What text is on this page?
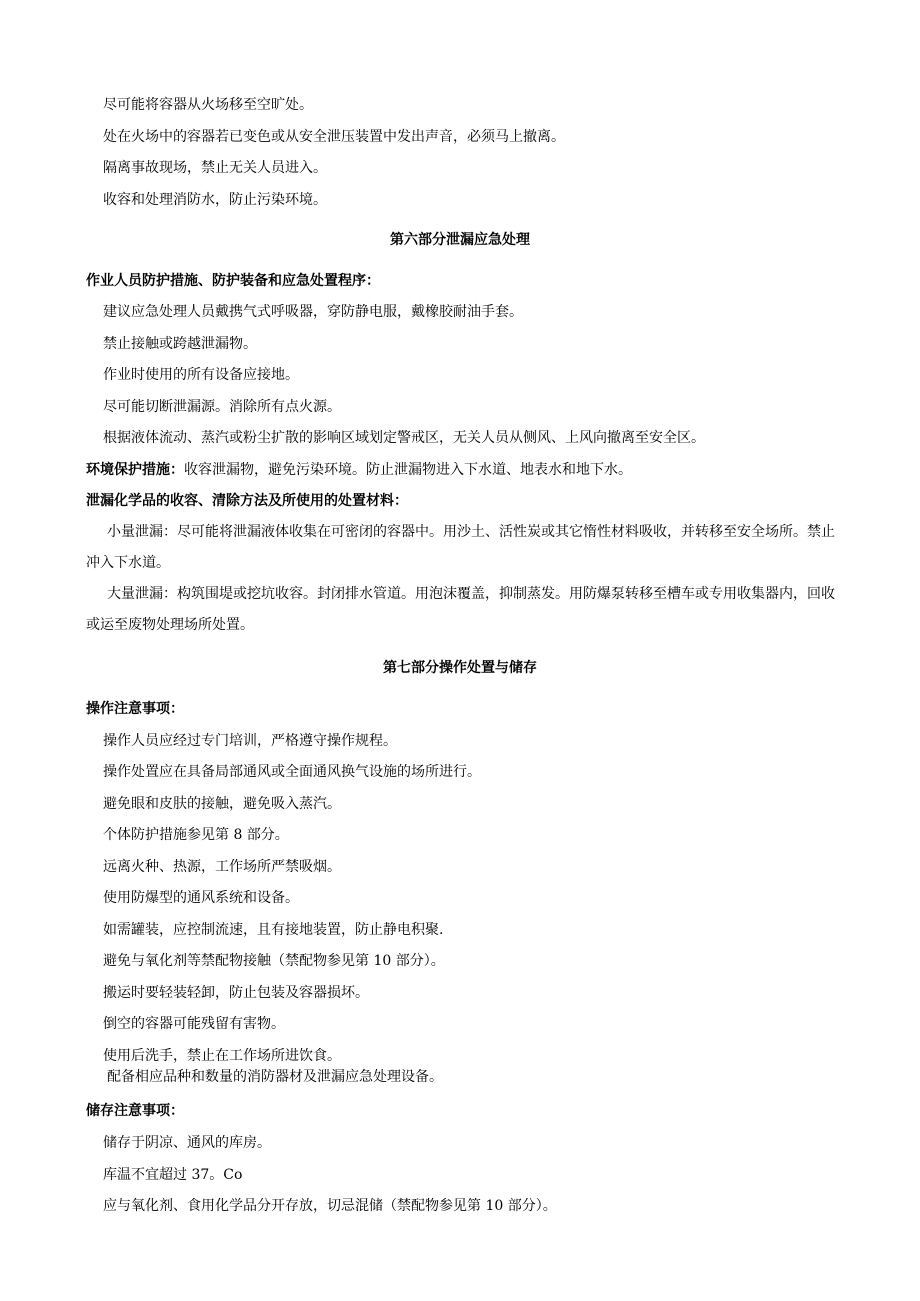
尽可能将容器从火场移至空旷处。
处在火场中的容器若已变色或从安全泄压装置中发出声音，必须马上撤离。
隔离事故现场，禁止无关人员进入。
收容和处理消防水，防止污染环境。
第六部分泄漏应急处理
作业人员防护措施、防护装备和应急处置程序：
建议应急处理人员戴携气式呼吸器，穿防静电服，戴橡胶耐油手套。
禁止接触或跨越泄漏物。
作业时使用的所有设备应接地。
尽可能切断泄漏源。消除所有点火源。
根据液体流动、蒸汽或粉尘扩散的影响区域划定警戒区，无关人员从侧风、上风向撤离至安全区。
环境保护措施：收容泄漏物，避免污染环境。防止泄漏物进入下水道、地表水和地下水。
泄漏化学品的收容、清除方法及所使用的处置材料：
小量泄漏：尽可能将泄漏液体收集在可密闭的容器中。用沙土、活性炭或其它惰性材料吸收，并转移至安全场所。禁止冲入下水道。
大量泄漏：构筑围堤或挖坑收容。封闭排水管道。用泡沫覆盖，抑制蒸发。用防爆泵转移至槽车或专用收集器内，回收或运至废物处理场所处置。
第七部分操作处置与储存
操作注意事项：
操作人员应经过专门培训，严格遵守操作规程。
操作处置应在具备局部通风或全面通风换气设施的场所进行。
避免眼和皮肤的接触，避免吸入蒸汽。
个体防护措施参见第 8 部分。
远离火种、热源，工作场所严禁吸烟。
使用防爆型的通风系统和设备。
如需罐装，应控制流速，且有接地装置，防止静电积聚.
避免与氧化剂等禁配物接触（禁配物参见第 10 部分）。
搬运时要轻装轻卸，防止包装及容器损坏。
倒空的容器可能残留有害物。
使用后洗手，禁止在工作场所进饮食。
配备相应品种和数量的消防器材及泄漏应急处理设备。
储存注意事项：
储存于阴凉、通风的库房。
库温不宜超过 37。Co
应与氧化剂、食用化学品分开存放，切忌混储（禁配物参见第 10 部分）。
